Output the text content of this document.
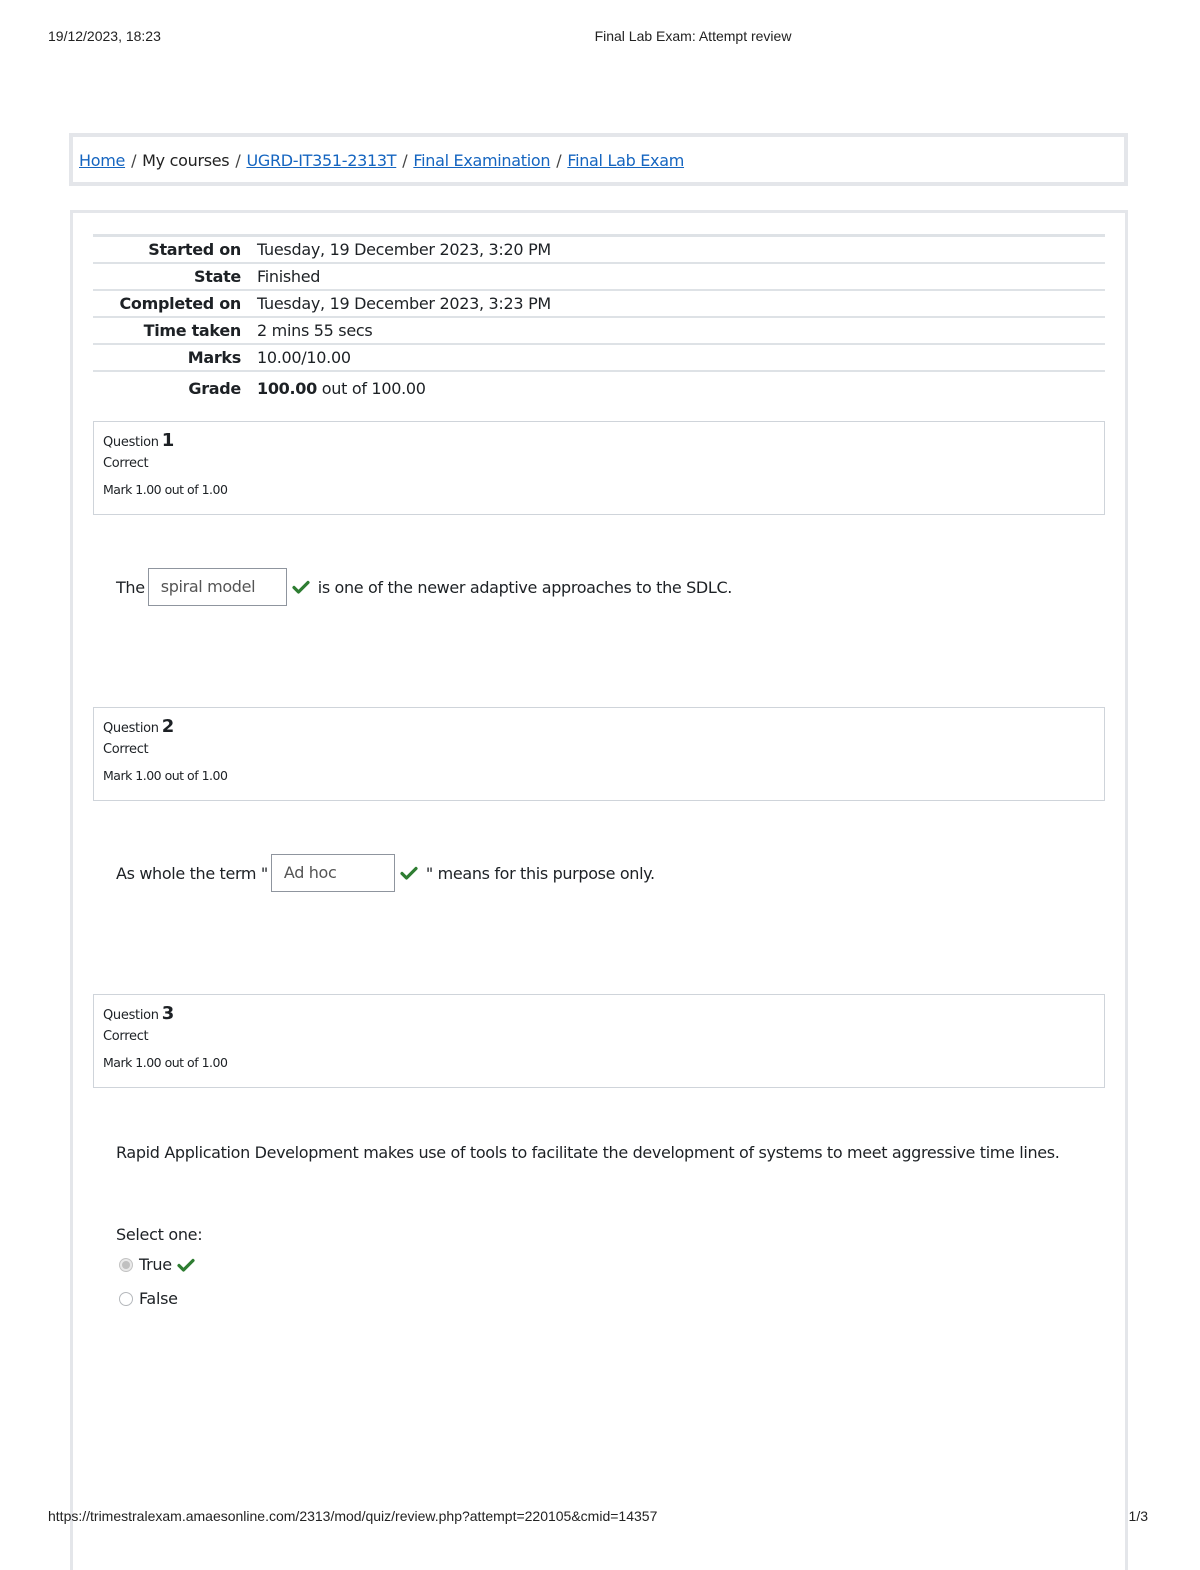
19/12/2023, 18:23	Final Lab Exam: Attempt review
Home / My courses / UGRD-IT351-2313T / Final Examination / Final Lab Exam
Started on	Tuesday, 19 December 2023, 3:20 PM
State	Finished
Completed on	Tuesday, 19 December 2023, 3:23 PM
Time taken	2 mins 55 secs
Marks	10.00/10.00
Grade	100.00 out of 100.00
Question 1
Correct
Mark 1.00 out of 1.00
The	spiral model	is one of the newer adaptive approaches to the SDLC.
Question 2
Correct
Mark 1.00 out of 1.00
As whole the term "	Ad hoc	" means for this purpose only.
Question 3
Correct
Mark 1.00 out of 1.00
Rapid Application Development makes use of tools to facilitate the development of systems to meet aggressive time lines.
Select one:
True
False
https://trimestralexam.amaesonline.com/2313/mod/quiz/review.php?attempt=220105&cmid=14357	1/3
